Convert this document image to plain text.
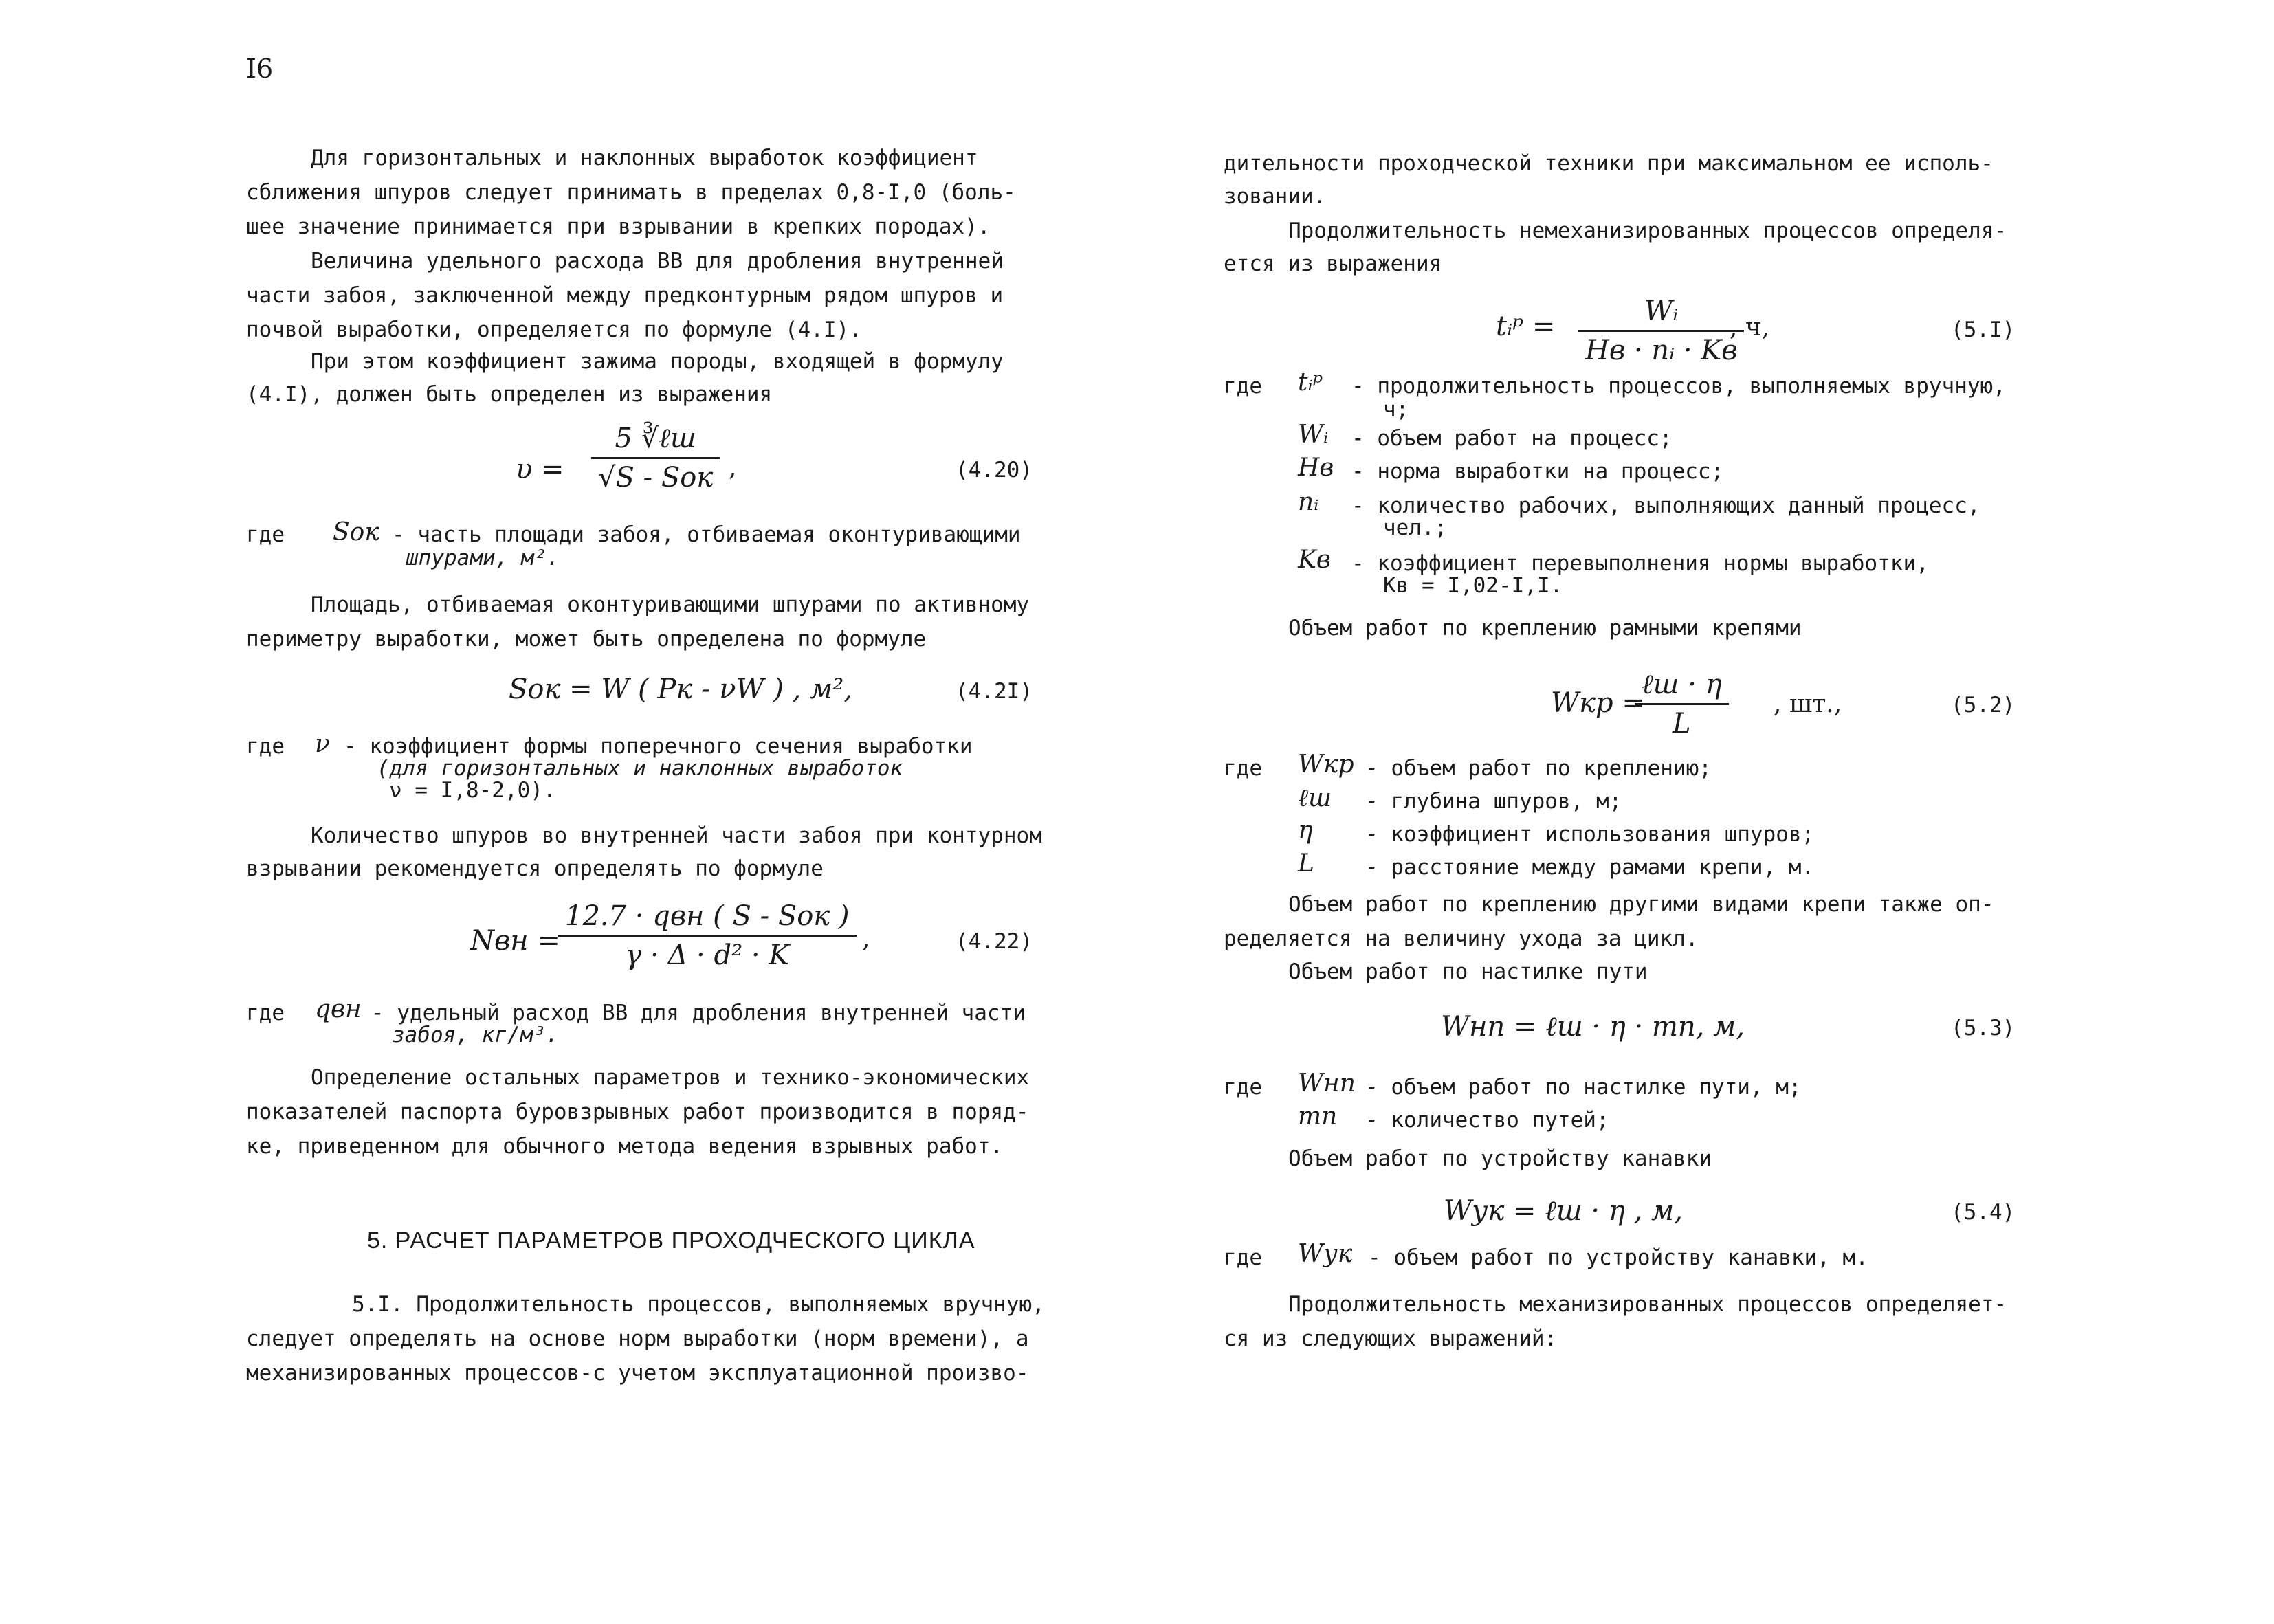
I6
Для горизонтальных и наклонных выработок коэффициент
сближения шпуров следует принимать в пределах 0,8-I,0 (боль-
шее значение принимается при взрывании в крепких породах).
Величина удельного расхода ВВ для дробления внутренней
части забоя, заключенной между предконтурным рядом шпуров и
почвой выработки, определяется по формуле (4.I).
При этом коэффициент зажима породы, входящей в формулу
(4.I), должен быть определен из выражения
υ =
5 ∛ℓш
√S - Sок ,	(4.20)
где Sок - часть площади забоя, отбиваемая оконтуривающими
шпурами, м².
Площадь, отбиваемая оконтуривающими шпурами по активному
периметру выработки, может быть определена по формуле
Sок = W ( Pк - νW ) , м²,	(4.2I)
где ν - коэффициент формы поперечного сечения выработки
(для горизонтальных и наклонных выработок
ν = I,8-2,0).
Количество шпуров во внутренней части забоя при контурном
взрывании рекомендуется определять по формуле
Nвн =
12.7 · qвн ( S - Sок )
γ · Δ · d² · K
,	(4.22)
где qвн - удельный расход ВВ для дробления внутренней части
забоя, кг/м³.
Определение остальных параметров и технико-экономических
показателей паспорта буровзрывных работ производится в поряд-
ке, приведенном для обычного метода ведения взрывных работ.
5. РАСЧЕТ ПАРАМЕТРОВ ПРОХОДЧЕСКОГО ЦИКЛА
5.I. Продолжительность процессов, выполняемых вручную,
следует определять на основе норм выработки (норм времени), а
механизированных процессов-с учетом эксплуатационной произво-
дительности проходческой техники при максимальном ее исполь-
зовании.
Продолжительность немеханизированных процессов определя-
ется из выражения
tᵢᵖ =	Wᵢ
Hв · nᵢ · Kв
, ч,	(5.I)
где tᵢᵖ - продолжительность процессов, выполняемых вручную,
ч;
Wᵢ - объем работ на процесс;
Hв - норма выработки на процесс;
nᵢ - количество рабочих, выполняющих данный процесс,
чел.;
Kв - коэффициент перевыполнения нормы выработки,
Kв = I,02-I,I.
Объем работ по креплению рамными крепями
Wкр =
ℓш · η
L
, шт.,	(5.2)
где Wкр - объем работ по креплению;
ℓш - глубина шпуров, м;
η - коэффициент использования шпуров;
L - расстояние между рамами крепи, м.
Объем работ по креплению другими видами крепи также оп-
ределяется на величину ухода за цикл.
Объем работ по настилке пути
Wнп = ℓш · η · mп, м,	(5.3)
где Wнп - объем работ по настилке пути, м;
mп - количество путей;
Объем работ по устройству канавки
Wук = ℓш · η , м,	(5.4)
где Wук - объем работ по устройству канавки, м.
Продолжительность механизированных процессов определяет-
ся из следующих выражений:
